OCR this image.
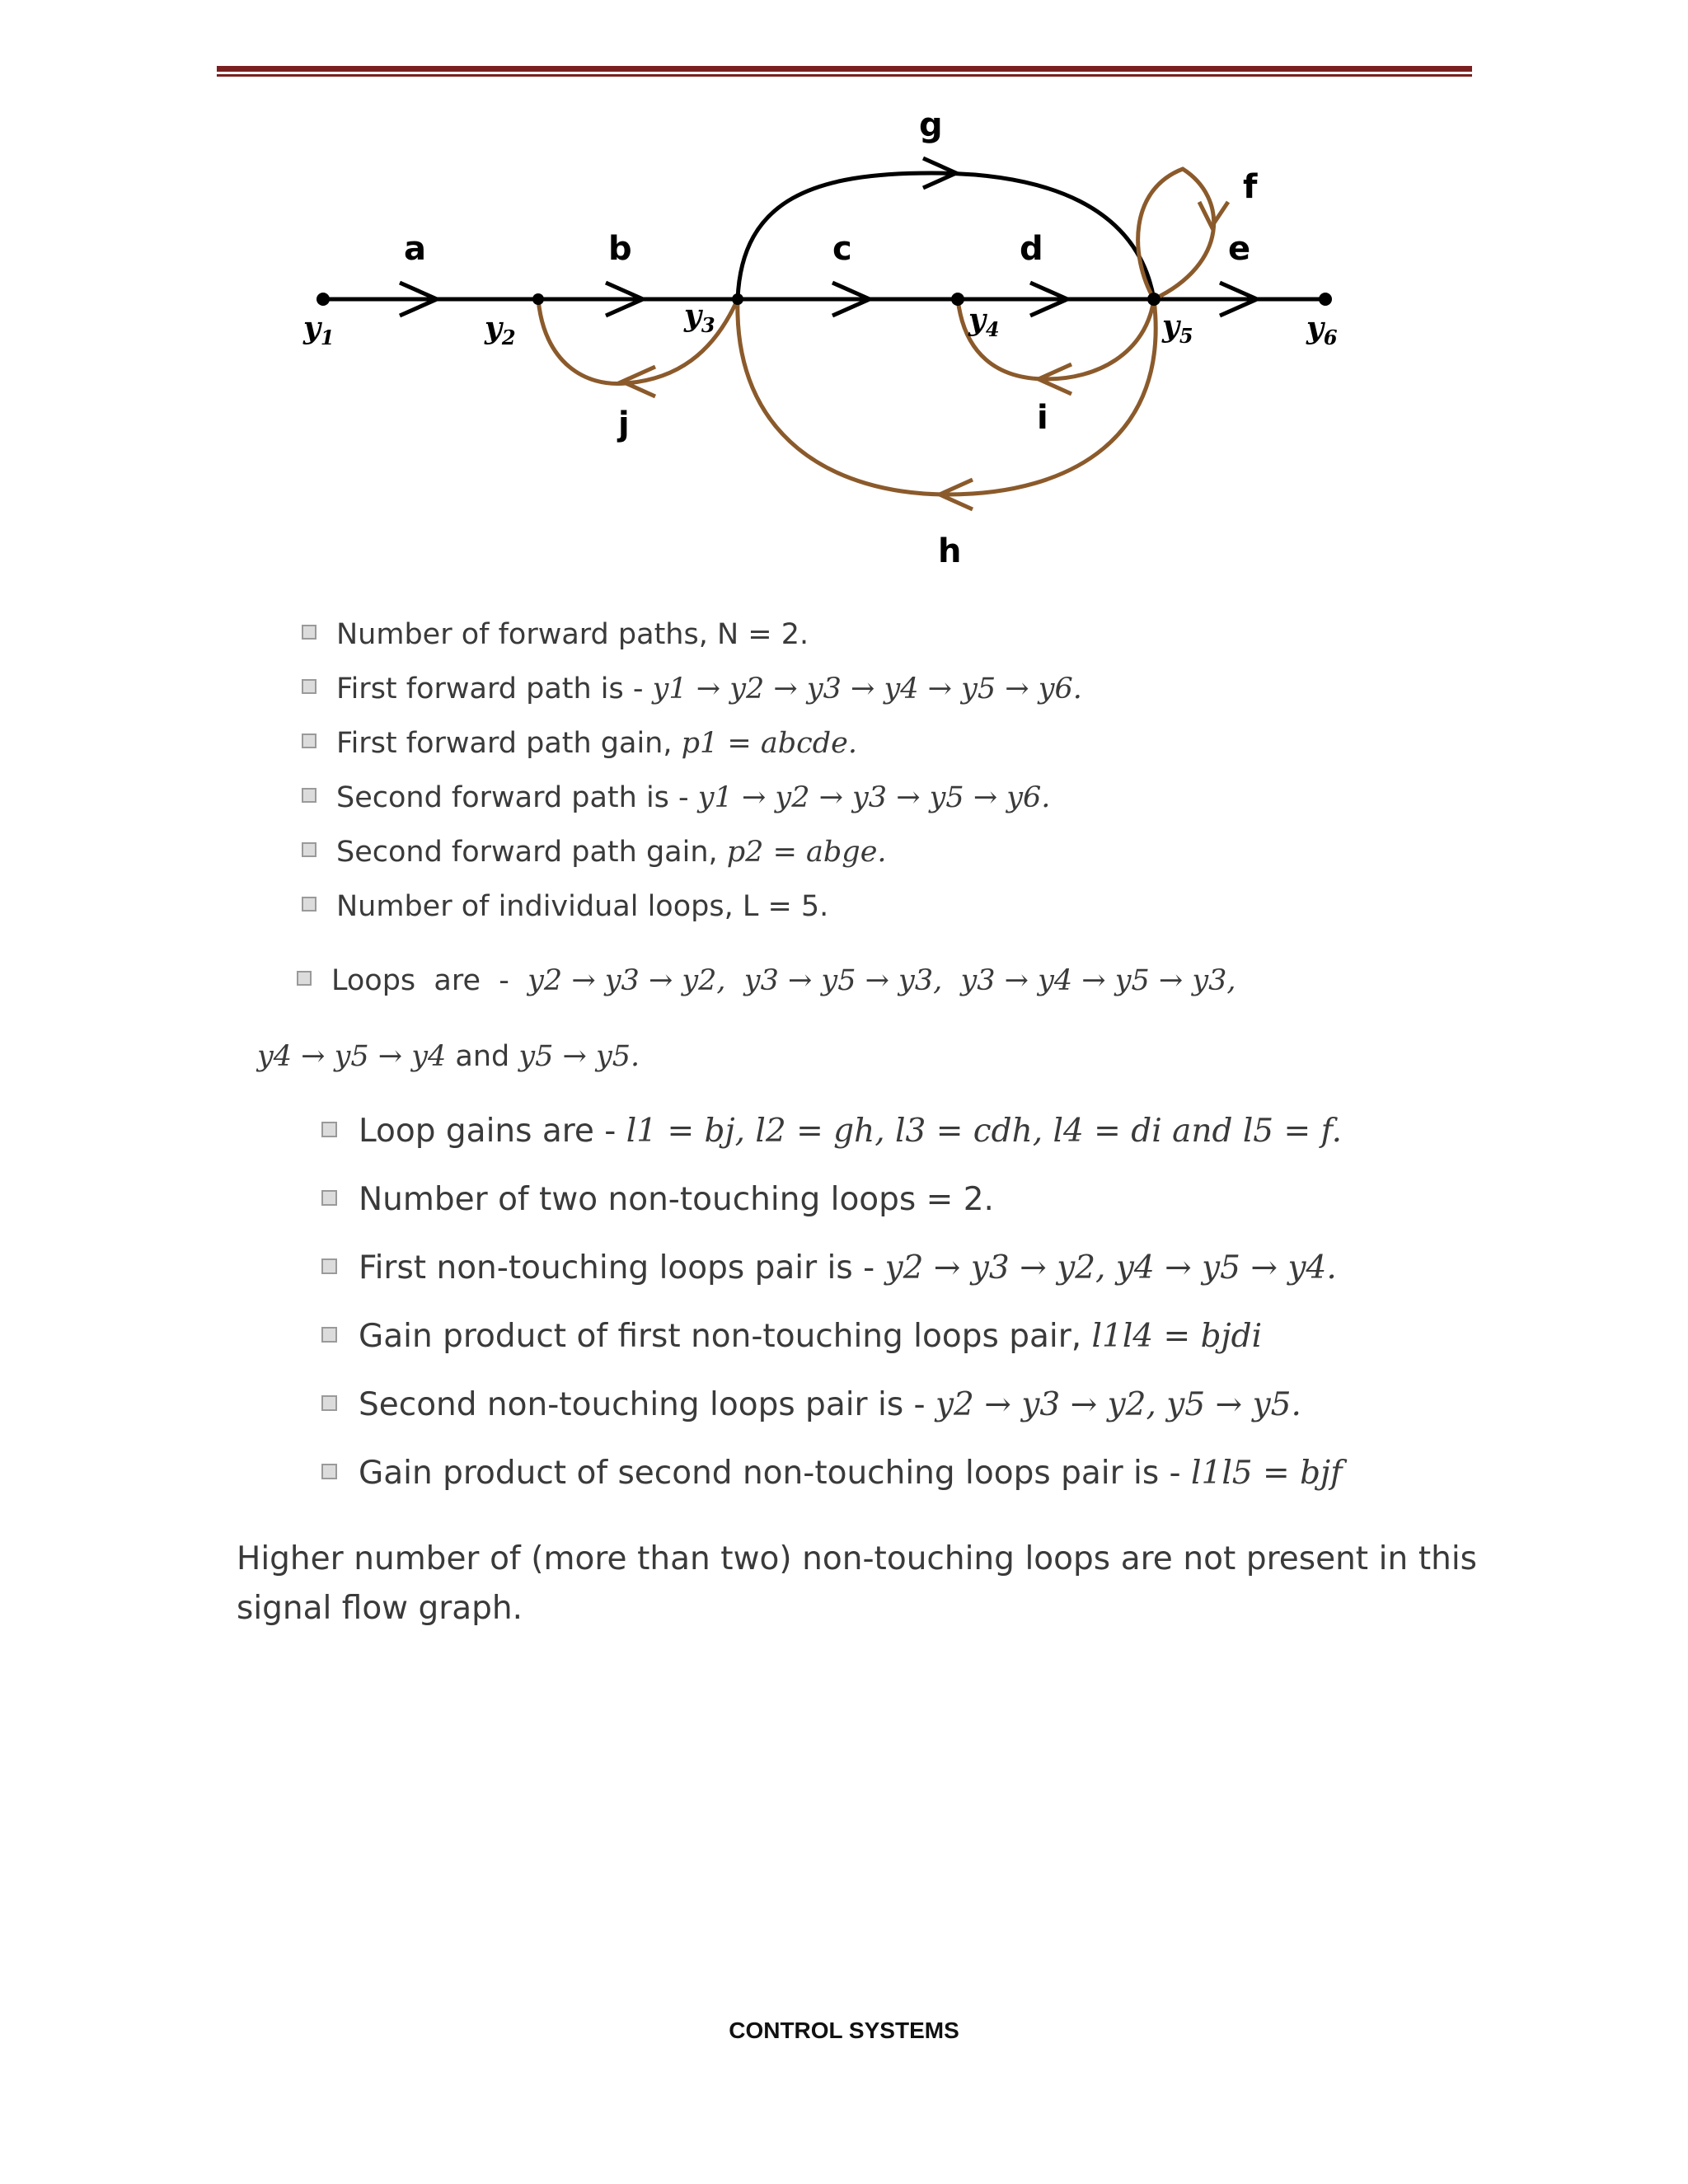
a	b	c	d	e
f
g
h
i
j
$y_1$	$y_2$
$y_3$	$y_4$	$y_5$	$y_6$
Number of forward paths, N = 2.
First forward path is - y1 → y2 → y3 → y4 → y5 → y6.
First forward path gain, p1 = abcde.
Second forward path is - y1 → y2 → y3 → y5 → y6.
Second forward path gain, p2 = abge.
Number of individual loops, L = 5.
Loops  are  -  y2 → y3 → y2,  y3 → y5 → y3,  y3 → y4 → y5 → y3,
y4 → y5 → y4 and y5 → y5.
Loop gains are - l1 = bj, l2 = gh, l3 = cdh, l4 = di and l5 = f.
Number of two non-touching loops = 2.
First non-touching loops pair is - y2 → y3 → y2, y4 → y5 → y4.
Gain product of first non-touching loops pair, l1l4 = bjdi
Second non-touching loops pair is - y2 → y3 → y2, y5 → y5.
Gain product of second non-touching loops pair is - l1l5 = bjf
Higher number of (more than two) non-touching loops are not present in this signal flow graph.
CONTROL SYSTEMS
